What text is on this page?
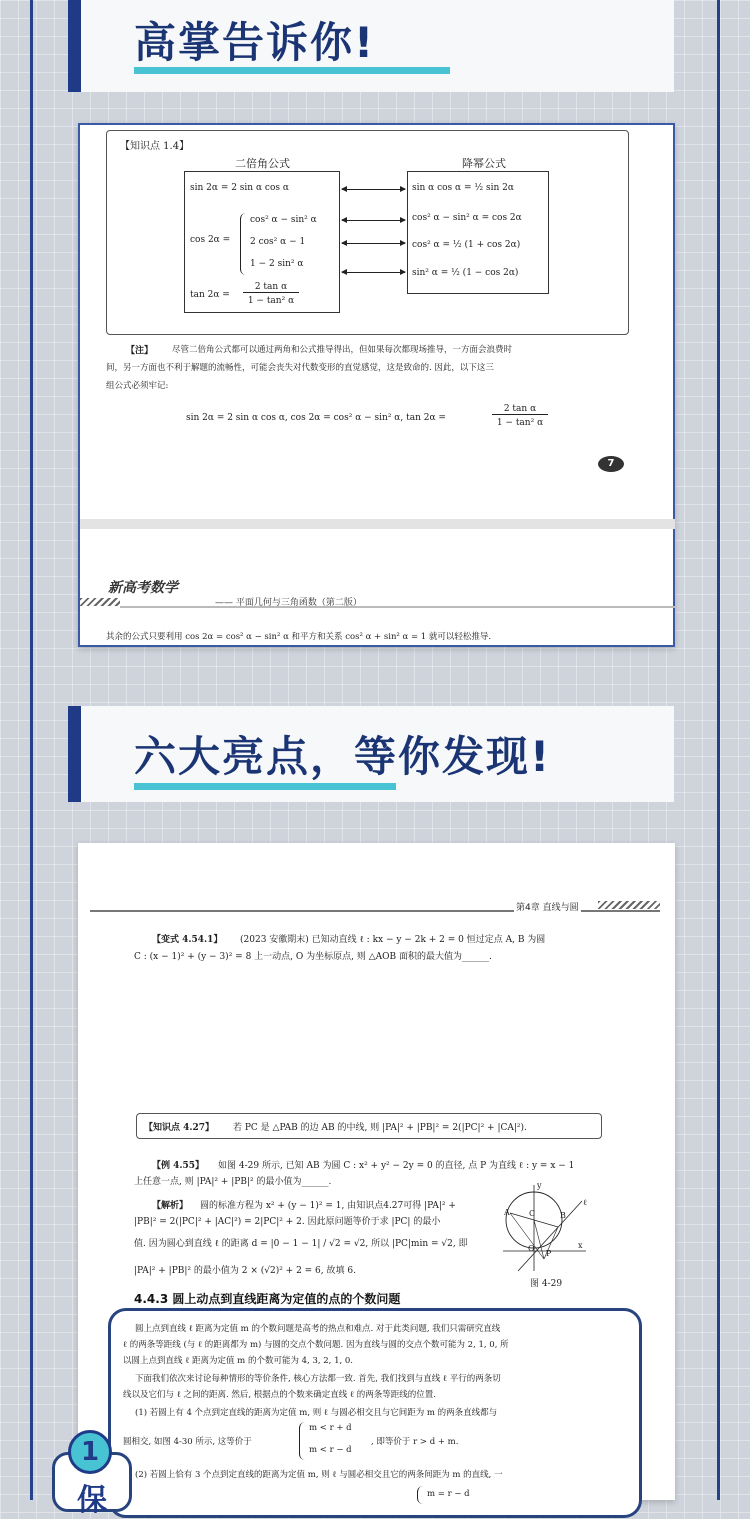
高掌告诉你!
【知识点 1.4】
二倍角公式	降幂公式
sin 2α = 2 sin α cos α
cos 2α =
cos² α − sin² α
2 cos² α − 1
1 − 2 sin² α
tan 2α =
2 tan α
1 − tan² α
sin α cos α = ½ sin 2α
cos² α − sin² α = cos 2α
cos² α = ½ (1 + cos 2α)
sin² α = ½ (1 − cos 2α)
【注】 尽管二倍角公式都可以通过两角和公式推导得出，但如果每次都现场推导，一方面会浪费时
间，另一方面也不利于解题的流畅性，可能会丧失对代数变形的直觉感觉，这是致命的. 因此，以下这三
组公式必须牢记:
sin 2α = 2 sin α cos α, cos 2α = cos² α − sin² α, tan 2α =
2 tan α
1 − tan² α
7
新高考数学
—— 平面几何与三角函数（第二版）
其余的公式只要利用 cos 2α = cos² α − sin² α 和平方和关系 cos² α + sin² α = 1 就可以轻松推导.
六大亮点，等你发现!
第4章 直线与圆
【变式 4.54.1】 (2023 安徽期末) 已知动直线 ℓ : kx − y − 2k + 2 = 0 恒过定点 A, B 为圆
C : (x − 1)² + (y − 3)² = 8 上一动点, O 为坐标原点, 则 △AOB 面积的最大值为______.
【知识点 4.27】 若 PC 是 △PAB 的边 AB 的中线, 则 |PA|² + |PB|² = 2(|PC|² + |CA|²).
【例 4.55】 如图 4-29 所示, 已知 AB 为圆 C : x² + y² − 2y = 0 的直径, 点 P 为直线 ℓ : y = x − 1
上任意一点, 则 |PA|² + |PB|² 的最小值为______.
【解析】 圆的标准方程为 x² + (y − 1)² = 1, 由知识点4.27可得 |PA|² +
|PB|² = 2(|PC|² + |AC|²) = 2|PC|² + 2. 因此原问题等价于求 |PC| 的最小
值. 因为圆心到直线 ℓ 的距离 d = |0 − 1 − 1| / √2 = √2, 所以 |PC|min = √2, 即
|PA|² + |PB|² 的最小值为 2 × (√2)² + 2 = 6, 故填 6.
A	B
C
O
P
x
y
ℓ
图 4-29
4.4.3 圆上动点到直线距离为定值的点的个数问题
圆上点到直线 ℓ 距离为定值 m 的个数问题是高考的热点和难点. 对于此类问题, 我们只需研究直线
ℓ 的两条等距线 (与 ℓ 的距离都为 m) 与圆的交点个数问题. 因为直线与圆的交点个数可能为 2, 1, 0, 所
以圆上点到直线 ℓ 距离为定值 m 的个数可能为 4, 3, 2, 1, 0.
下面我们依次来讨论每种情形的等价条件, 核心方法都一致. 首先, 我们找到与直线 ℓ 平行的两条切
线以及它们与 ℓ 之间的距离. 然后, 根据点的个数来确定直线 ℓ 的两条等距线的位置.
(1) 若圆上有 4 个点到定直线的距离为定值 m, 则 ℓ 与圆必相交且与它间距为 m 的两条直线都与
圆相交, 如图 4-30 所示, 这等价于
m < r + d
m < r − d
, 即等价于 r > d + m.
(2) 若圆上恰有 3 个点到定直线的距离为定值 m, 则 ℓ 与圆必相交且它的两条间距为 m 的直线, 一
m = r − d
保
1
